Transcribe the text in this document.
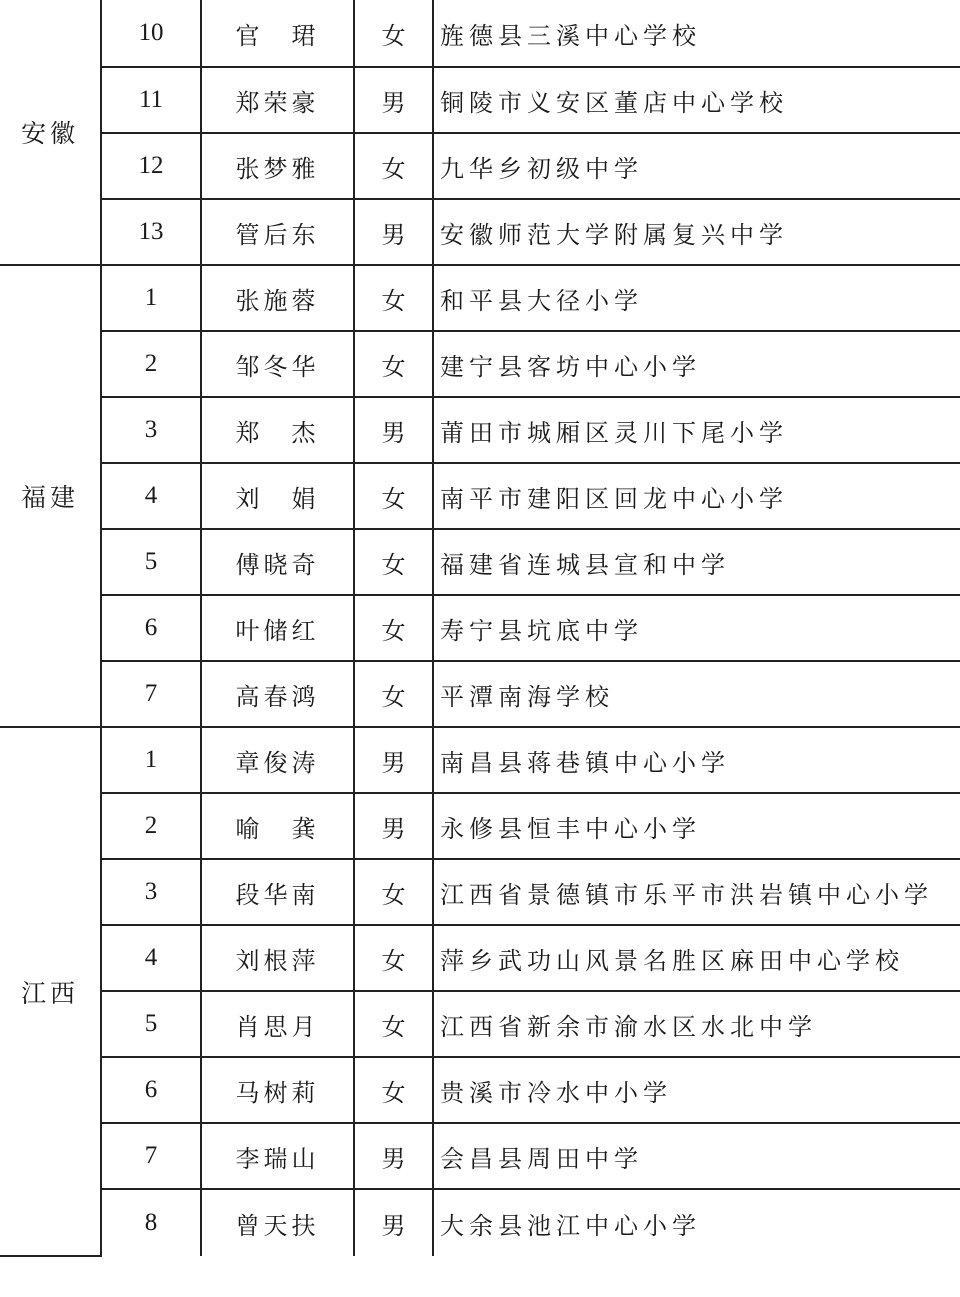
安徽	10	官　珺	女	旌德县三溪中心学校
	11	郑荣豪	男	铜陵市义安区董店中心学校
	12	张梦雅	女	九华乡初级中学
	13	管后东	男	安徽师范大学附属复兴中学
福建	1	张施蓉	女	和平县大径小学
	2	邹冬华	女	建宁县客坊中心小学
	3	郑　杰	男	莆田市城厢区灵川下尾小学
	4	刘　娟	女	南平市建阳区回龙中心小学
	5	傅晓奇	女	福建省连城县宣和中学
	6	叶储红	女	寿宁县坑底中学
	7	高春鸿	女	平潭南海学校
江西	1	章俊涛	男	南昌县蒋巷镇中心小学
	2	喻　龚	男	永修县恒丰中心小学
	3	段华南	女	江西省景德镇市乐平市洪岩镇中心小学
	4	刘根萍	女	萍乡武功山风景名胜区麻田中心学校
	5	肖思月	女	江西省新余市渝水区水北中学
	6	马树莉	女	贵溪市冷水中小学
	7	李瑞山	男	会昌县周田中学
	8	曾天扶	男	大余县池江中心小学
